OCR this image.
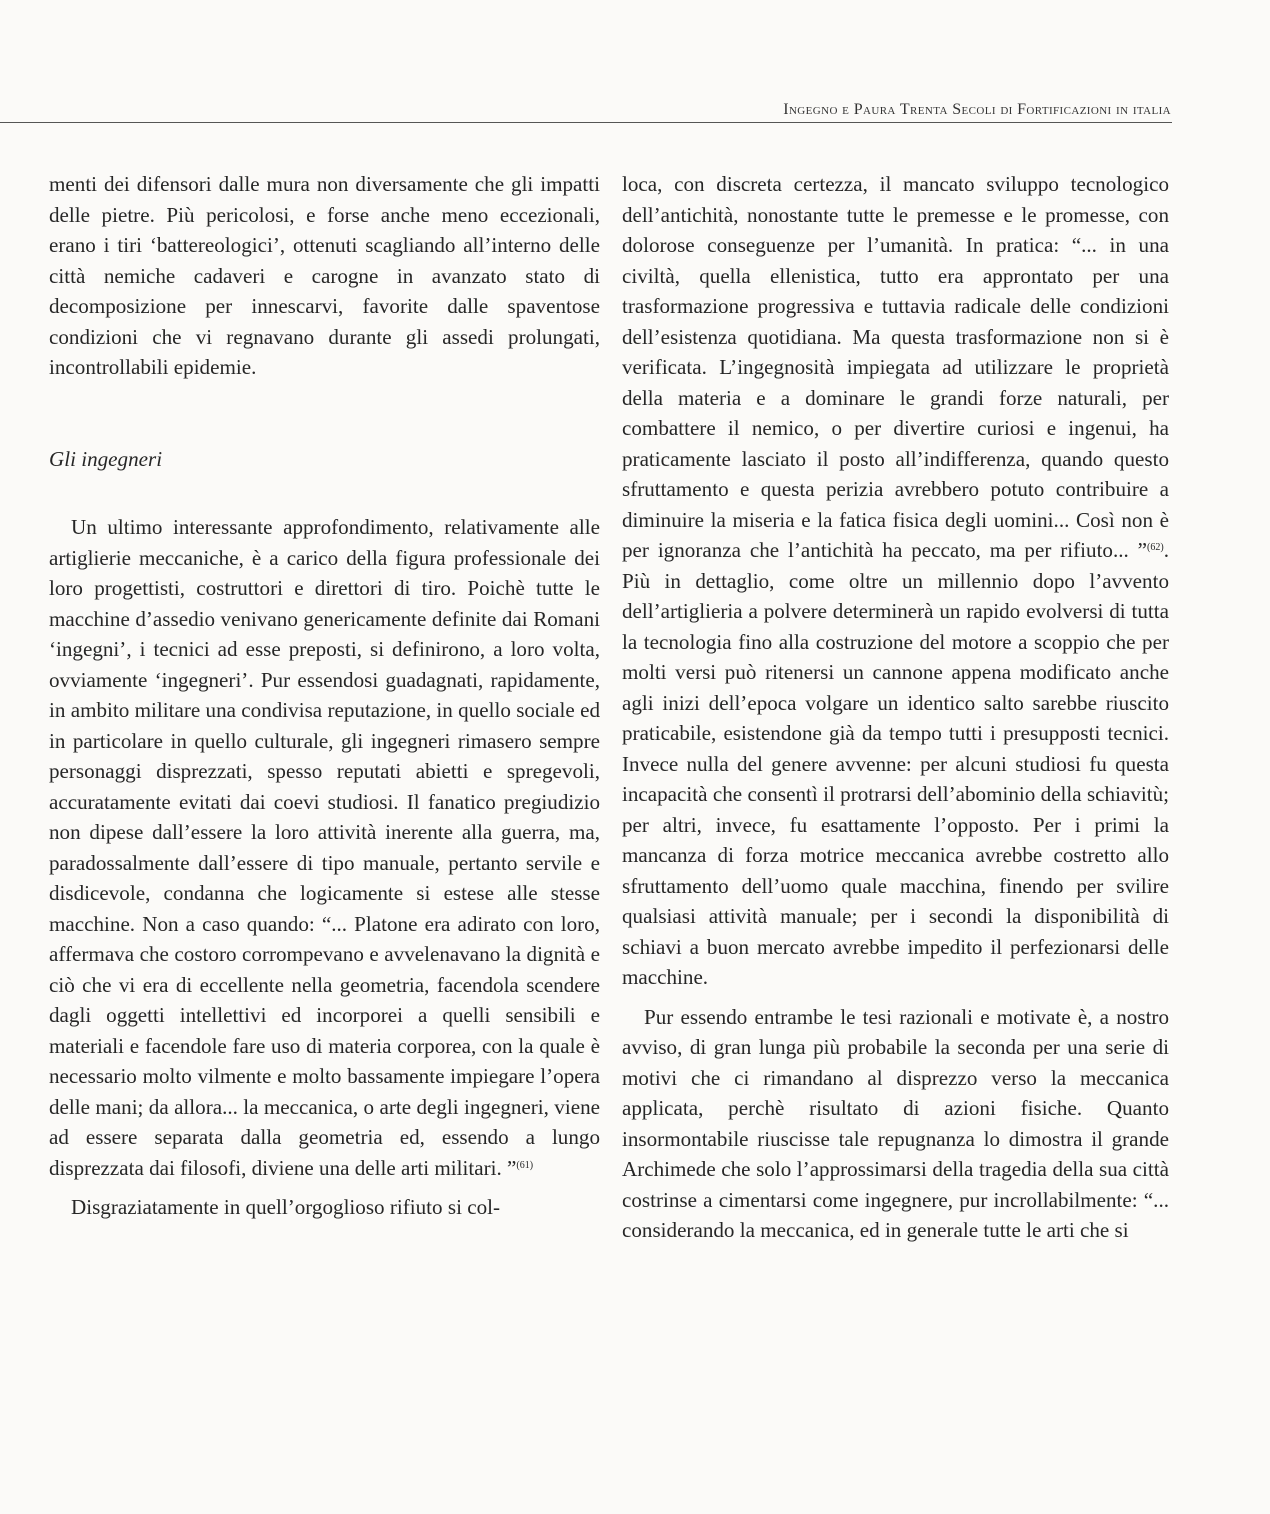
Ingegno e Paura Trenta Secoli di Fortificazioni in italia

menti dei difensori dalle mura non diversamente che gli impatti delle pietre. Più pericolosi, e forse anche meno eccezionali, erano i tiri ‘battereologici’, ottenuti scagliando all’interno delle città nemiche cadaveri e carogne in avanzato stato di decomposizione per innescarvi, favorite dalle spaventose condizioni che vi regnavano durante gli assedi prolungati, incontrollabili epidemie.

Gli ingegneri

Un ultimo interessante approfondimento, relativamente alle artiglierie meccaniche, è a carico della figura professionale dei loro progettisti, costruttori e direttori di tiro. Poichè tutte le macchine d’assedio venivano genericamente definite dai Romani ‘ingegni’, i tecnici ad esse preposti, si definirono, a loro volta, ovviamente ‘ingegneri’. Pur essendosi guadagnati, rapidamente, in ambito militare una condivisa reputazione, in quello sociale ed in particolare in quello culturale, gli ingegneri rimasero sempre personaggi disprezzati, spesso reputati abietti e spregevoli, accuratamente evitati dai coevi studiosi. Il fanatico pregiudizio non dipese dall’essere la loro attività inerente alla guerra, ma, paradossalmente dall’essere di tipo manuale, pertanto servile e disdicevole, condanna che logicamente si estese alle stesse macchine. Non a caso quando: “... Platone era adirato con loro, affermava che costoro corrompevano e avvelenavano la dignità e ciò che vi era di eccellente nella geometria, facendola scendere dagli oggetti intellettivi ed incorporei a quelli sensibili e materiali e facendole fare uso di materia corporea, con la quale è necessario molto vilmente e molto bassamente impiegare l’opera delle mani; da allora... la meccanica, o arte degli ingegneri, viene ad essere separata dalla geometria ed, essendo a lungo disprezzata dai filosofi, diviene una delle arti militari. ”$^{(61)}$

Disgraziatamente in quell’orgoglioso rifiuto si col-

loca, con discreta certezza, il mancato sviluppo tecnologico dell’antichità, nonostante tutte le premesse e le promesse, con dolorose conseguenze per l’umanità. In pratica: “... in una civiltà, quella ellenistica, tutto era approntato per una trasformazione progressiva e tuttavia radicale delle condizioni dell’esistenza quotidiana. Ma questa trasformazione non si è verificata. L’ingegnosità impiegata ad utilizzare le proprietà della materia e a dominare le grandi forze naturali, per combattere il nemico, o per divertire curiosi e ingenui, ha praticamente lasciato il posto all’indifferenza, quando questo sfruttamento e questa perizia avrebbero potuto contribuire a diminuire la miseria e la fatica fisica degli uomini... Così non è per ignoranza che l’antichità ha peccato, ma per rifiuto... ”$^{(62)}$. Più in dettaglio, come oltre un millennio dopo l’avvento dell’artiglieria a polvere determinerà un rapido evolversi di tutta la tecnologia fino alla costruzione del motore a scoppio che per molti versi può ritenersi un cannone appena modificato anche agli inizi dell’epoca volgare un identico salto sarebbe riuscito praticabile, esistendone già da tempo tutti i presupposti tecnici. Invece nulla del genere avvenne: per alcuni studiosi fu questa incapacità che consentì il protrarsi dell’abominio della schiavitù; per altri, invece, fu esattamente l’opposto. Per i primi la mancanza di forza motrice meccanica avrebbe costretto allo sfruttamento dell’uomo quale macchina, finendo per svilire qualsiasi attività manuale; per i secondi la disponibilità di schiavi a buon mercato avrebbe impedito il perfezionarsi delle macchine.

Pur essendo entrambe le tesi razionali e motivate è, a nostro avviso, di gran lunga più probabile la seconda per una serie di motivi che ci rimandano al disprezzo verso la meccanica applicata, perchè risultato di azioni fisiche. Quanto insormontabile riuscisse tale repugnanza lo dimostra il grande Archimede che solo l’approssimarsi della tragedia della sua città costrinse a cimentarsi come ingegnere, pur incrollabilmente: “... considerando la meccanica, ed in generale tutte le arti che si
